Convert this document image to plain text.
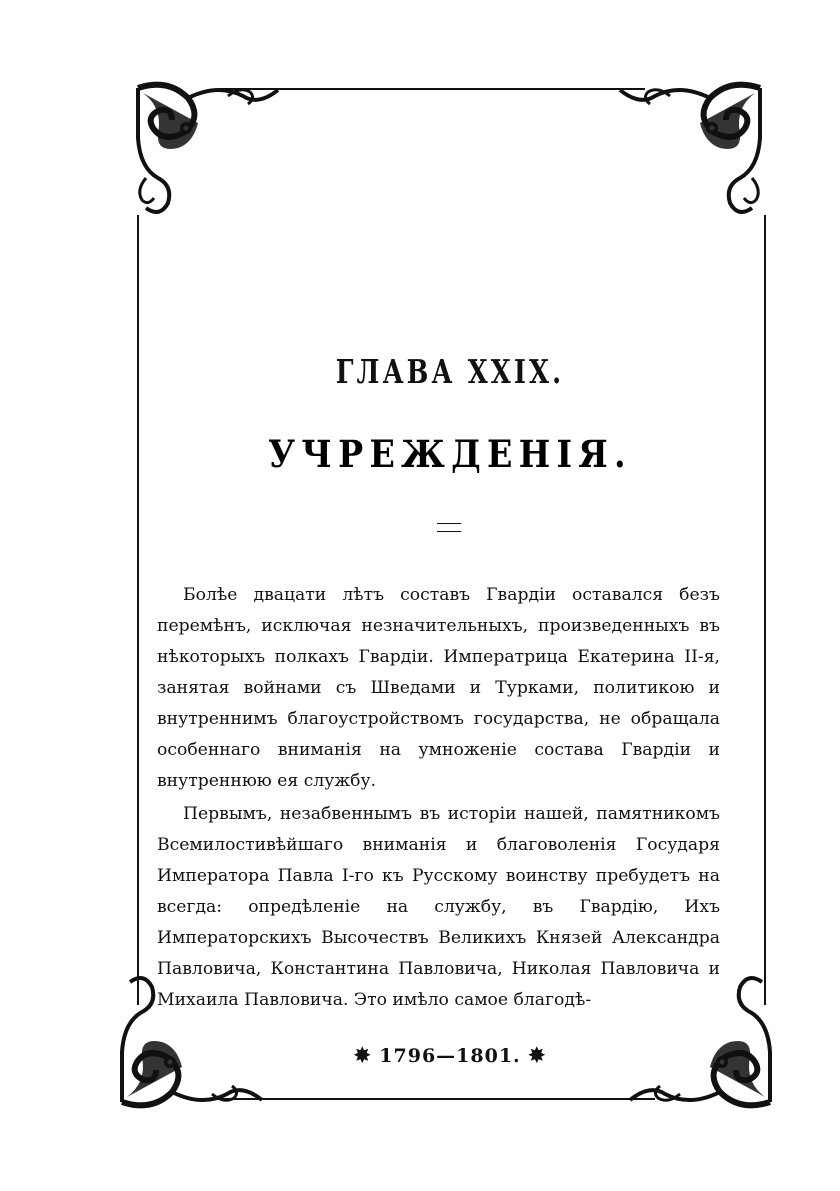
ГЛАВА XXIX.
УЧРЕЖДЕНІЯ.

Болѣе двацати лѣтъ составъ Гвардіи оставался безъ перемѣнъ, исключая незначительныхъ, произведенныхъ въ нѣкоторыхъ полкахъ Гвардіи. Императрица Екатерина II-я, занятая войнами съ Шведами и Турками, политикою и внутреннимъ благоустройствомъ государства, не обращала особеннаго вниманія на умноженіе состава Гвардіи и внутреннюю ея службу.

Первымъ, незабвеннымъ въ исторіи нашей, памятникомъ Всемилостивѣйшаго вниманія и благоволенія Государя Императора Павла I-го къ Русскому воинству пребудетъ на всегда: опредѣленіе на службу, въ Гвардію, Ихъ Императорскихъ Высочествъ Великихъ Князей Александра Павловича, Константина Павловича, Николая Павловича и Михаила Павловича. Это имѣло самое благодѣ-

✸ 1796—1801. ✸
